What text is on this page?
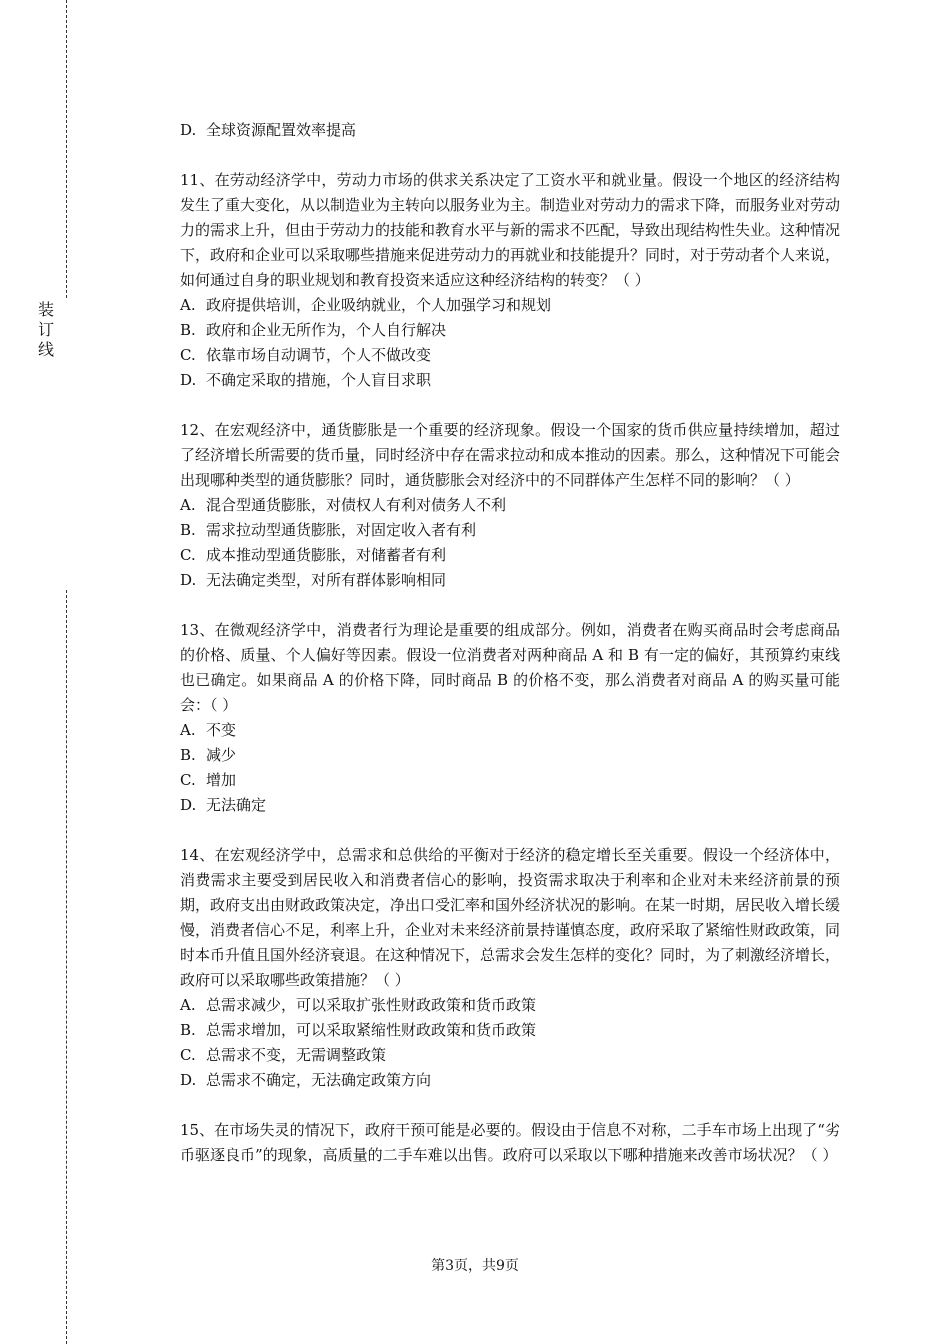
装
订
线
D. 全球资源配置效率提高
11、在劳动经济学中，劳动力市场的供求关系决定了工资水平和就业量。假设一个地区的经济结构发生了重大变化，从以制造业为主转向以服务业为主。制造业对劳动力的需求下降，而服务业对劳动力的需求上升，但由于劳动力的技能和教育水平与新的需求不匹配，导致出现结构性失业。这种情况下，政府和企业可以采取哪些措施来促进劳动力的再就业和技能提升？同时，对于劳动者个人来说，如何通过自身的职业规划和教育投资来适应这种经济结构的转变？（ ）
A. 政府提供培训，企业吸纳就业，个人加强学习和规划
B. 政府和企业无所作为，个人自行解决
C. 依靠市场自动调节，个人不做改变
D. 不确定采取的措施，个人盲目求职
12、在宏观经济中，通货膨胀是一个重要的经济现象。假设一个国家的货币供应量持续增加，超过了经济增长所需要的货币量，同时经济中存在需求拉动和成本推动的因素。那么，这种情况下可能会出现哪种类型的通货膨胀？同时，通货膨胀会对经济中的不同群体产生怎样不同的影响？（ ）
A. 混合型通货膨胀，对债权人有利对债务人不利
B. 需求拉动型通货膨胀，对固定收入者有利
C. 成本推动型通货膨胀，对储蓄者有利
D. 无法确定类型，对所有群体影响相同
13、在微观经济学中，消费者行为理论是重要的组成部分。例如，消费者在购买商品时会考虑商品的价格、质量、个人偏好等因素。假设一位消费者对两种商品 A 和 B 有一定的偏好，其预算约束线也已确定。如果商品 A 的价格下降，同时商品 B 的价格不变，那么消费者对商品 A 的购买量可能会：（ ）
A. 不变
B. 减少
C. 增加
D. 无法确定
14、在宏观经济学中，总需求和总供给的平衡对于经济的稳定增长至关重要。假设一个经济体中，消费需求主要受到居民收入和消费者信心的影响，投资需求取决于利率和企业对未来经济前景的预期，政府支出由财政政策决定，净出口受汇率和国外经济状况的影响。在某一时期，居民收入增长缓慢，消费者信心不足，利率上升，企业对未来经济前景持谨慎态度，政府采取了紧缩性财政政策，同时本币升值且国外经济衰退。在这种情况下，总需求会发生怎样的变化？同时，为了刺激经济增长，政府可以采取哪些政策措施？（ ）
A. 总需求减少，可以采取扩张性财政政策和货币政策
B. 总需求增加，可以采取紧缩性财政政策和货币政策
C. 总需求不变，无需调整政策
D. 总需求不确定，无法确定政策方向
15、在市场失灵的情况下，政府干预可能是必要的。假设由于信息不对称，二手车市场上出现了“劣币驱逐良币”的现象，高质量的二手车难以出售。政府可以采取以下哪种措施来改善市场状况？（ ）
第3页，共9页
